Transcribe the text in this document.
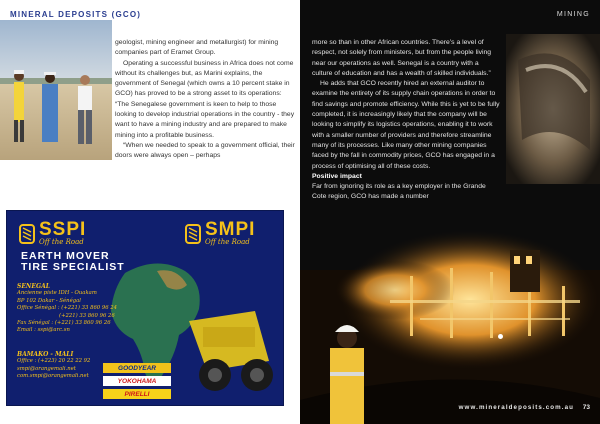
MINERAL DEPOSITS (GCO)

geologist, mining engineer and metallurgist) for mining companies part of Eramet Group.

Operating a successful business in Africa does not come without its challenges but, as Marini explains, the government of Senegal (which owns a 10 percent stake in GCO) has proved to be a strong asset to its operations: “The Senegalese government is keen to help to those looking to develop industrial operations in the country - they want to have a mining industry and are prepared to make mining into a profitable business.

“When we needed to speak to a government official, their doors were always open – perhaps

SSPI
Off the Road
SMPI
Off the Road
EARTH MOVER
TIRE SPECIALIST
SENEGAL
Ancienne piste IDH - Ouakam
BP 102 Dakar - Sénégal
Office Sénégal : (+221) 33 860 96 24
(+221) 33 860 96 26
Fax Sénégal : (+221) 33 860 96 26
Email : sspi@arc.sn
BAMAKO - MALI
Office : (+223) 20 22 22 92
smpi@orangemali.net
com.smpi@orangemali.net
GOODYEAR
YOKOHAMA
PIRELLI
MINING

more so than in other African countries. There’s a level of respect, not solely from ministers, but from the people living near our operations as well. Senegal is a country with a culture of education and has a wealth of skilled individuals.”

He adds that GCO recently hired an external auditor to examine the entirety of its supply chain operations in order to find savings and promote efficiency. While this is yet to be fully completed, it is increasingly likely that the company will be looking to simplify its logistics operations, enabling it to work with a smaller number of providers and therefore streamline many of its processes. Like many other mining companies faced by the fall in commodity prices, GCO has engaged in a process of optimising all of these costs.

Positive impact

Far from ignoring its role as a key employer in the Grande Cote region, GCO has made a number

www.mineraldeposits.com.au 73
